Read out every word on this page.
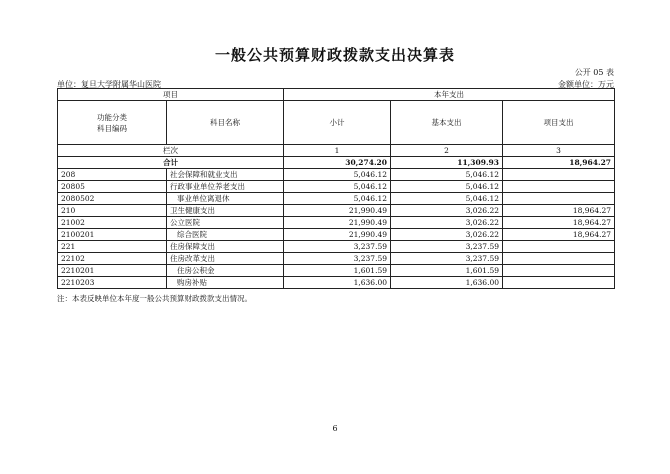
一般公共预算财政拨款支出决算表
公开 05 表
单位：复旦大学附属华山医院	金额单位：万元
项目		本年支出		

功能分类
科目编码	科目名称	小计	基本支出	项目支出
栏次		1	2	3
合计		30,274.20	11,309.93	18,964.27
208	社会保障和就业支出	5,046.12	5,046.12	
20805	行政事业单位养老支出	5,046.12	5,046.12	
2080502	事业单位离退休	5,046.12	5,046.12	
210	卫生健康支出	21,990.49	3,026.22	18,964.27
21002	公立医院	21,990.49	3,026.22	18,964.27
2100201	综合医院	21,990.49	3,026.22	18,964.27
221	住房保障支出	3,237.59	3,237.59	
22102	住房改革支出	3,237.59	3,237.59	
2210201	住房公积金	1,601.59	1,601.59	
2210203	购房补贴	1,636.00	1,636.00	
注：本表反映单位本年度一般公共预算财政拨款支出情况。
6
